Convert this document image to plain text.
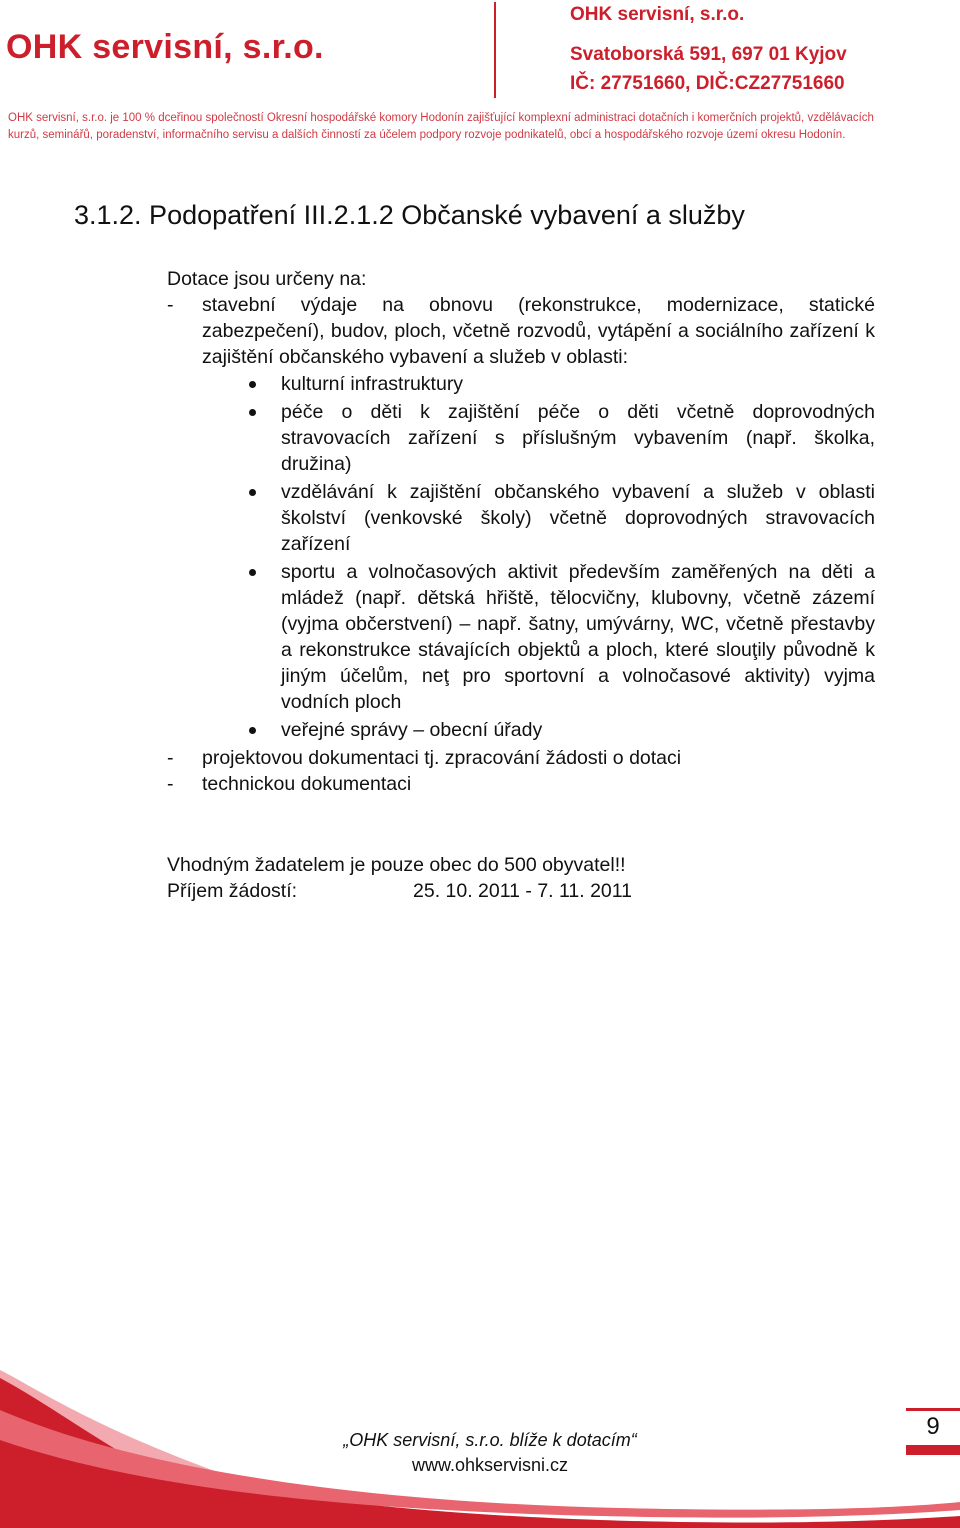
OHK servisní, s.r.o.
OHK servisní, s.r.o.
Svatoborská 591, 697 01 Kyjov
IČ: 27751660, DIČ:CZ27751660
OHK servisní, s.r.o. je 100 % dceřinou společností Okresní hospodářské komory Hodonín zajišťující komplexní administraci dotačních i komerčních projektů, vzdělávacích kurzů, seminářů, poradenství, informačního servisu a dalších činností za účelem podpory rozvoje podnikatelů, obcí a hospodářského rozvoje území okresu Hodonín.
3.1.2. Podopatření III.2.1.2 Občanské vybavení a služby

Dotace jsou určeny na:

- stavební výdaje na obnovu (rekonstrukce, modernizace, statické zabezpečení), budov, ploch, včetně rozvodů, vytápění a sociálního zařízení k zajištění občanského vybavení a služeb v oblasti:

kulturní infrastruktury
péče o děti k zajištění péče o děti včetně doprovodných stravovacích zařízení s příslušným vybavením (např. školka, družina)
vzdělávání k zajištění občanského vybavení a služeb v oblasti školství (venkovské školy) včetně doprovodných stravovacích zařízení
sportu a volnočasových aktivit především zaměřených na děti a mládež (např. dětská hřiště, tělocvičny, klubovny, včetně zázemí (vyjma občerstvení) – např. šatny, umývárny, WC, včetně přestavby a rekonstrukce stávajících objektů a ploch, které slouţily původně k jiným účelům, neţ pro sportovní a volnočasové aktivity) vyjma vodních ploch
veřejné správy – obecní úřady

- projektovou dokumentaci tj. zpracování žádosti o dotaci

- technickou dokumentaci

Vhodným žadatelem je pouze obec do 500 obyvatel!!
Příjem žádostí:	25. 10. 2011 - 7. 11. 2011
„OHK servisní, s.r.o. blíže k dotacím“
www.ohkservisni.cz
9
